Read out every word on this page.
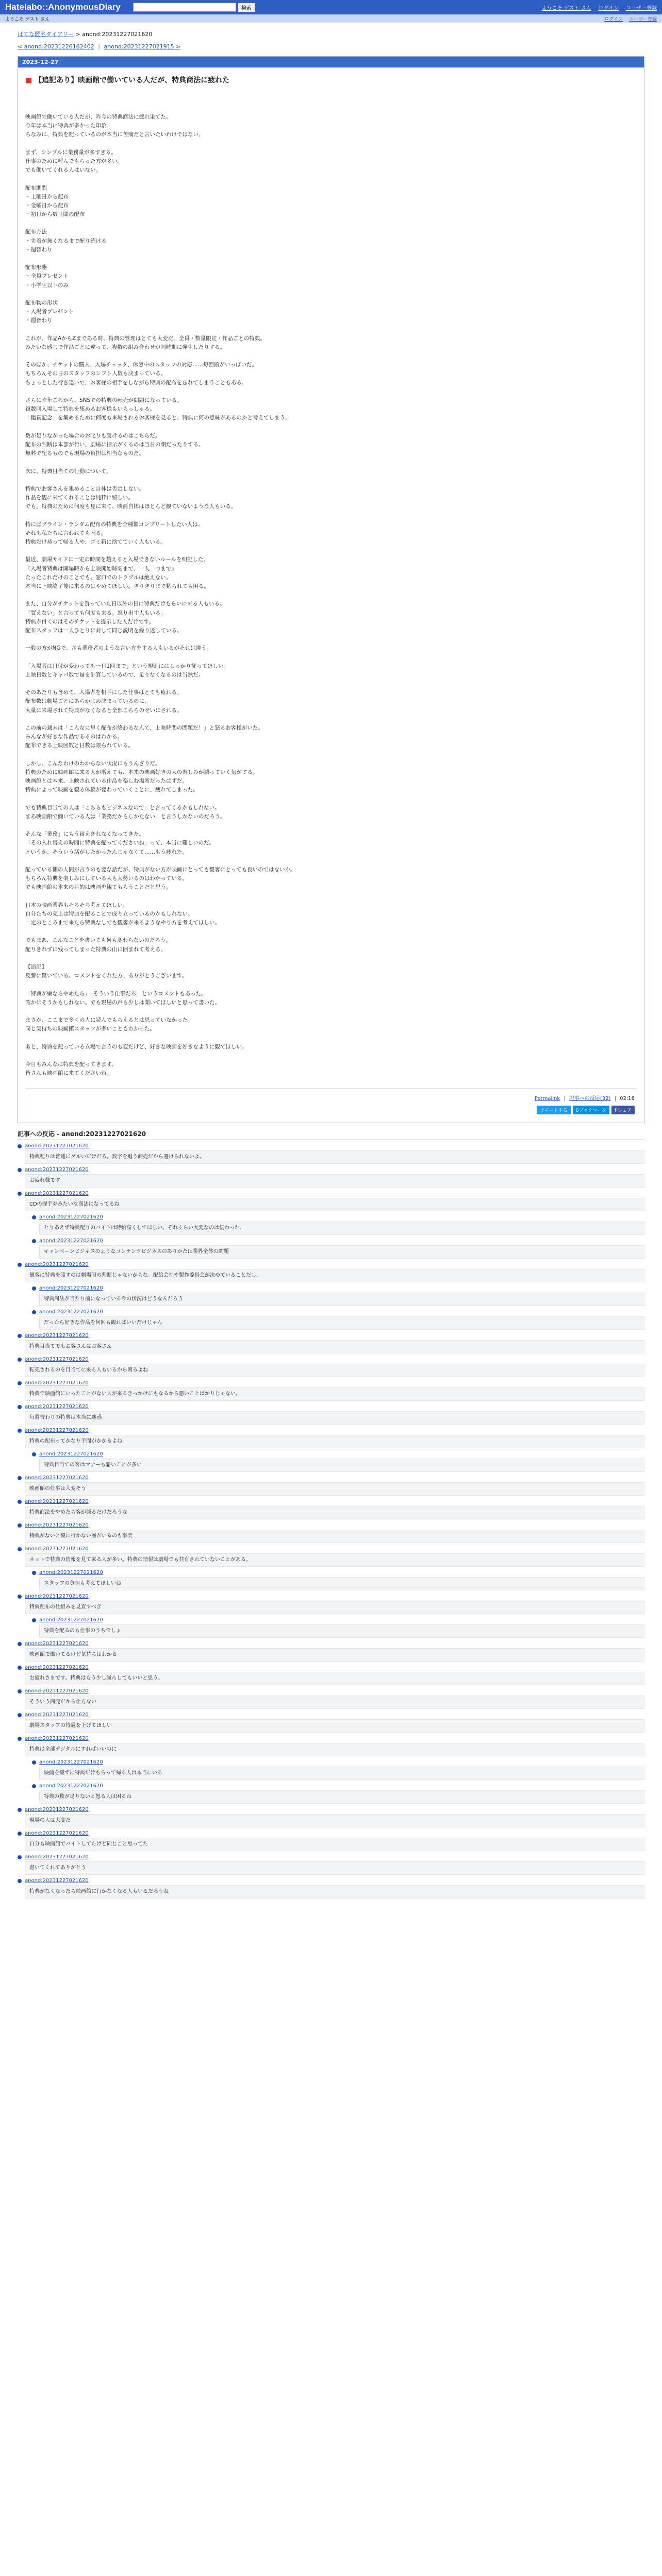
Hatelabo::AnonymousDiary	検索	ようこそ ゲスト さん ログイン ユーザー登録
ようこそ ゲスト さん	ログイン ユーザー登録
はてな匿名ダイアリー > anond:20231227021620
< anond:20231226162402 | anond:20231227021915 >
2023-12-27
■ 【追記あり】映画館で働いている人だが、特典商法に疲れた
映画館で働いている人だが、昨今の特典商法に疲れ果てた。
今年は本当に特典が多かった印象。
ちなみに、特典を配っているのが本当に苦痛だと言いたいわけではない。
まず、シンプルに業務量が多すぎる。
仕事のために呼んでもらった方が多い。
でも働いてくれる人はいない。
配布期間
・土曜日から配布
・金曜日から配布
・初日から数日間の配布
配布方法
・先着が無くなるまで配り続ける
・週替わり
配布形態
・全員プレゼント
・小学生以下のみ
配布物の形状
・入場者プレゼント
・週替わり
これが、作品AからZまである時、特典の管理はとても大変だ。全員・数量限定・作品ごとの特典。
みたいな感じで作品ごとに違って、複数の組み合わせが同時期に発生したりする。
そのほか、チケットの購入、入場チェック、休憩中のスタッフの対応……毎回頭がいっぱいだ。
もちろんその日のスタッフのシフト人数も決まっている。
ちょっとした行き違いで、お客様の相手をしながら特典の配布を忘れてしまうこともある。
さらに昨年ごろから、SNSでの特典の転売が問題になっている。
複数回入場して特典を集めるお客様もいらっしゃる。
「鑑賞記念」を集めるために何度も来場されるお客様を見ると、特典に何の意味があるのかと考えてしまう。
数が足りなかった場合のお叱りも受けるのはこちらだ。
配布の判断は本部が行い、劇場に指示がくるのは当日の朝だったりする。
無料で配るものでも現場の負担は相当なものだ。
次に、特典目当ての行動について。
特典でお客さんを集めること自体は否定しない。
作品を観に来てくれることは純粋に嬉しい。
でも、特典のために何度も見に来て、映画自体はほとんど観ていないような人もいる。
特にぱブライン・ランダム配布の特典を全種類コンプリートしたい人は、
それも私たちに言われても困る。
特典だけ持って帰る人や、ゴミ箱に捨てていく人もいる。
最近、劇場サイドに一定の時間を超えると入場できないルールを明記した。
『入場者特典は開場時から上映開始時刻まで、一人一つまで』
たったこれだけのことでも、窓口でのトラブルは絶えない。
本当に上映終了後に来るのはやめてほしい。ぎりぎりまで粘られても困る。
また、自分がチケットを買っていた日以外の日に特典だけもらいに来る人もいる。
「買えない」と言っても何度も来る。怒り出す人もいる。
特典が付くのはそのチケットを提示した人だけです。
配布スタッフは一人ひとりに対して同じ説明を繰り返している。
一般の方がNGで、さも業務者のような言い方をする人もいるがそれは違う。
「入場者は日付が変わっても一日1回まで」という規則にはしっかり従ってほしい。
上映日数とキャパ数で量を計算しているので、足りなくなるのは当然だ。
そのあたりも含めて、入場者を相手にした仕事はとても疲れる。
配布数は劇場ごとにあらかじめ決まっているのに、
大量に来場されて特典がなくなると全部こちらのせいにされる。
この前の週末は「こんなに早く配布が終わるなんて、上映時間の問題だ！」と怒るお客様がいた。
みんなが好きな作品であるのはわかる。
配布できる上映回数と日数は限られている。
しかし、こんなわけのわからない状況にもうんざりだ。
特典のために映画館に来る人が増えても、本来の映画好きの人の楽しみが減っていく気がする。
映画館とは本来、上映されている作品を楽しむ場所だったはずだ。
特典によって映画を観る体験が変わっていくことに、疲れてしまった。
でも特典目当ての人は「こちらもビジネスなので」と言ってくるかもしれない。
まあ映画館で働いている人は「業務だからしかたない」と言うしかないのだろう。
そんな「業務」にもう耐えきれなくなってきた。
「その入れ替えの時間に特典を配ってくださいね」って、本当に難しいのだ。
というか、そういう話がしたかったんじゃなくて……もう疲れた。
配っている側の人間が言うのも変な話だが、特典がない方が映画にとっても観客にとっても良いのではないか。
もちろん特典を楽しみにしている人も大勢いるのはわかっている。
でも映画館の本来の目的は映画を観てもらうことだと思う。
日本の映画業界もそろそろ考えてほしい。
自分たちの売上は特典を配ることで成り立っているのかもしれない。
一定のところまで来たら特典なしでも観客が来るようなやり方を考えてほしい。
でもまあ、こんなことを書いても何も変わらないのだろう。
配りきれずに残ってしまった特典の山に囲まれて考える。
【追記】
反響に驚いている。コメントをくれた方、ありがとうございます。
「特典が嫌ならやめたら」「そういう仕事だろ」というコメントもあった。
確かにそうかもしれない。でも現場の声も少しは聞いてほしいと思って書いた。
まさか、ここまで多くの人に読んでもらえるとは思っていなかった。
同じ気持ちの映画館スタッフが多いこともわかった。
あと、特典を配っている立場で言うのも変だけど、好きな映画を好きなように観てほしい。
今日もみんなに特典を配ってきます。
皆さんも映画館に来てくださいね。
Permalink | 記事への反応(32) | 02:16
ツイートする	Bブックマーク	f シェア
記事への反応 - anond:20231227021620
anond:20231227021620
特典配りは普通にダルいだけだろ。数字を追う商売だから避けられないよ。
anond:20231227021620
お疲れ様です
anond:20231227021620
CDの握手券みたいな商法になってるね
anond:20231227021620
とりあえず特典配りのバイトは時給高くしてほしい。それくらい大変なのは伝わった。
anond:20231227021620
キャンペーンビジネスのようなコンテンツビジネスのありかたは業界全体の問題
anond:20231227021620
観客に特典を渡すのは劇場側の判断じゃないからな。配給会社や製作委員会が決めていることだし。
anond:20231227021620
特典商法が当たり前になっている今の状況はどうなんだろう
anond:20231227021620
だったら好きな作品を何回も観ればいいだけじゃん
anond:20231227021620
特典目当てでもお客さんはお客さん
anond:20231227021620
転売されるのを目当てに来る人もいるから困るよね
anond:20231227021620
特典で映画館にいったことがない人が来るきっかけにもなるから悪いことばかりじゃない。
anond:20231227021620
毎週替わりの特典は本当に迷惑
anond:20231227021620
特典の配布ってかなり手間がかかるよね
anond:20231227021620
特典目当ての客はマナーも悪いことが多い
anond:20231227021620
映画館の仕事は大変そう
anond:20231227021620
特典商法をやめたら客が減るだけだろうな
anond:20231227021620
特典がないと観に行かない層がいるのも事実
anond:20231227021620
ネットで特典の情報を見て来る人が多い。特典の情報は劇場でも共有されていないことがある。
anond:20231227021620
スタッフの負担も考えてほしいね
anond:20231227021620
特典配布の仕組みを見直すべき
anond:20231227021620
特典を配るのも仕事のうちでしょ
anond:20231227021620
映画館で働いてるけど気持ちはわかる
anond:20231227021620
お疲れさまです。特典はもう少し減らしてもいいと思う。
anond:20231227021620
そういう商売だから仕方ない
anond:20231227021620
劇場スタッフの待遇を上げてほしい
anond:20231227021620
特典は全部デジタルにすればいいのに
anond:20231227021620
映画を観ずに特典だけもらって帰る人は本当にいる
anond:20231227021620
特典の数が足りないと怒る人は困るね
anond:20231227021620
現場の人は大変だ
anond:20231227021620
自分も映画館でバイトしてたけど同じこと思ってた
anond:20231227021620
書いてくれてありがとう
anond:20231227021620
特典がなくなったら映画館に行かなくなる人もいるだろうね
